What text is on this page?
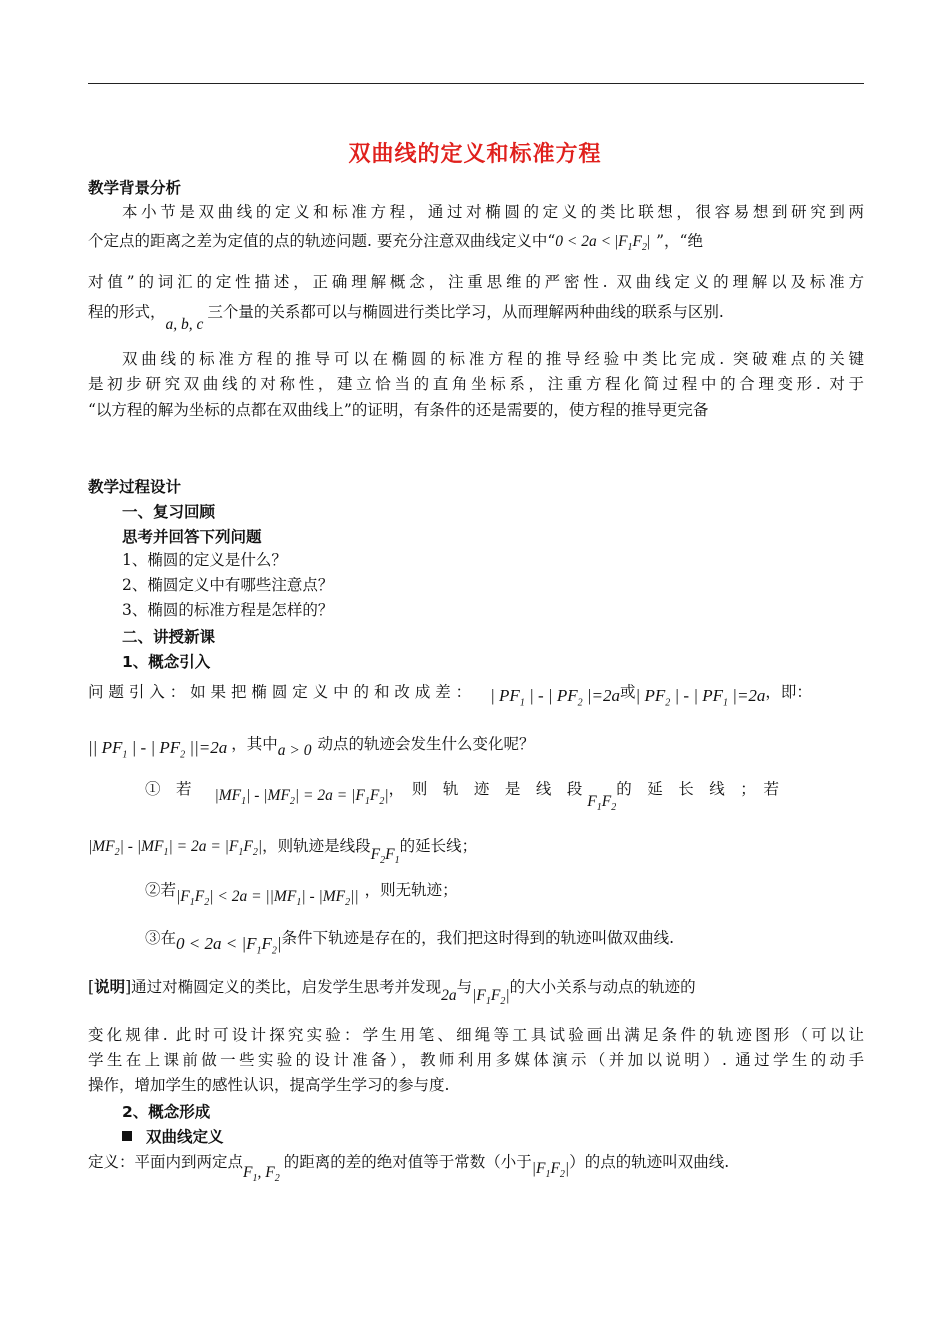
双曲线的定义和标准方程
教学背景分析
本小节是双曲线的定义和标准方程，通过对椭圆的定义的类比联想，很容易想到研究到两
个定点的距离之差为定值的点的轨迹问题. 要充分注意双曲线定义中“$0 < 2a < |F_1F_2|$ ”，“绝
对值”的词汇的定性描述，正确理解概念，注重思维的严密性. 双曲线定义的理解以及标准方
程的形式，a, b, c三个量的关系都可以与椭圆进行类比学习，从而理解两种曲线的联系与区别.
双曲线的标准方程的推导可以在椭圆的标准方程的推导经验中类比完成. 突破难点的关键
是初步研究双曲线的对称性，建立恰当的直角坐标系，注重方程化简过程中的合理变形. 对于
“以方程的解为坐标的点都在双曲线上”的证明，有条件的还是需要的，使方程的推导更完备
教学过程设计
一、复习回顾
思考并回答下列问题
1、椭圆的定义是什么？
2、椭圆定义中有哪些注意点？
3、椭圆的标准方程是怎样的？
二、讲授新课
1、概念引入
问 题 引 入 ： 如 果 把 椭 圆 定 义 中 的 和 改 成 差 ： | $PF_1$ | - | $PF_2$ |=2a或| $PF_2$ | - | $PF_1$ |=2a，即：
|| $PF_1$ | - | $PF_2$ ||=2a ，其中a > 0 动点的轨迹会发生什么变化呢？
①　若 $|MF_1| - |MF_2| = 2a = |F_1F_2|$，　则　轨　迹　是　线　段 $F_1F_2$的　延　长　线　；　若
$|MF_2| - |MF_1| = 2a = |F_1F_2|$，则轨迹是线段$F_2F_1$的延长线；
②若$|F_1F_2| < 2a = ||MF_1| - |MF_2||$ ，则无轨迹；
③在$0 < 2a < |F_1F_2|$条件下轨迹是存在的，我们把这时得到的轨迹叫做双曲线.
[说明]通过对椭圆定义的类比，启发学生思考并发现2a与$|F_1F_2|$的大小关系与动点的轨迹的
变化规律. 此时可设计探究实验：学生用笔、细绳等工具试验画出满足条件的轨迹图形（可以让
学生在上课前做一些实验的设计准备），教师利用多媒体演示（并加以说明）. 通过学生的动手
操作，增加学生的感性认识，提高学生学习的参与度.
2、概念形成
双曲线定义
定义：平面内到两定点$F_1$, $F_2$的距离的差的绝对值等于常数（小于$|F_1F_2|$）的点的轨迹叫双曲线.
